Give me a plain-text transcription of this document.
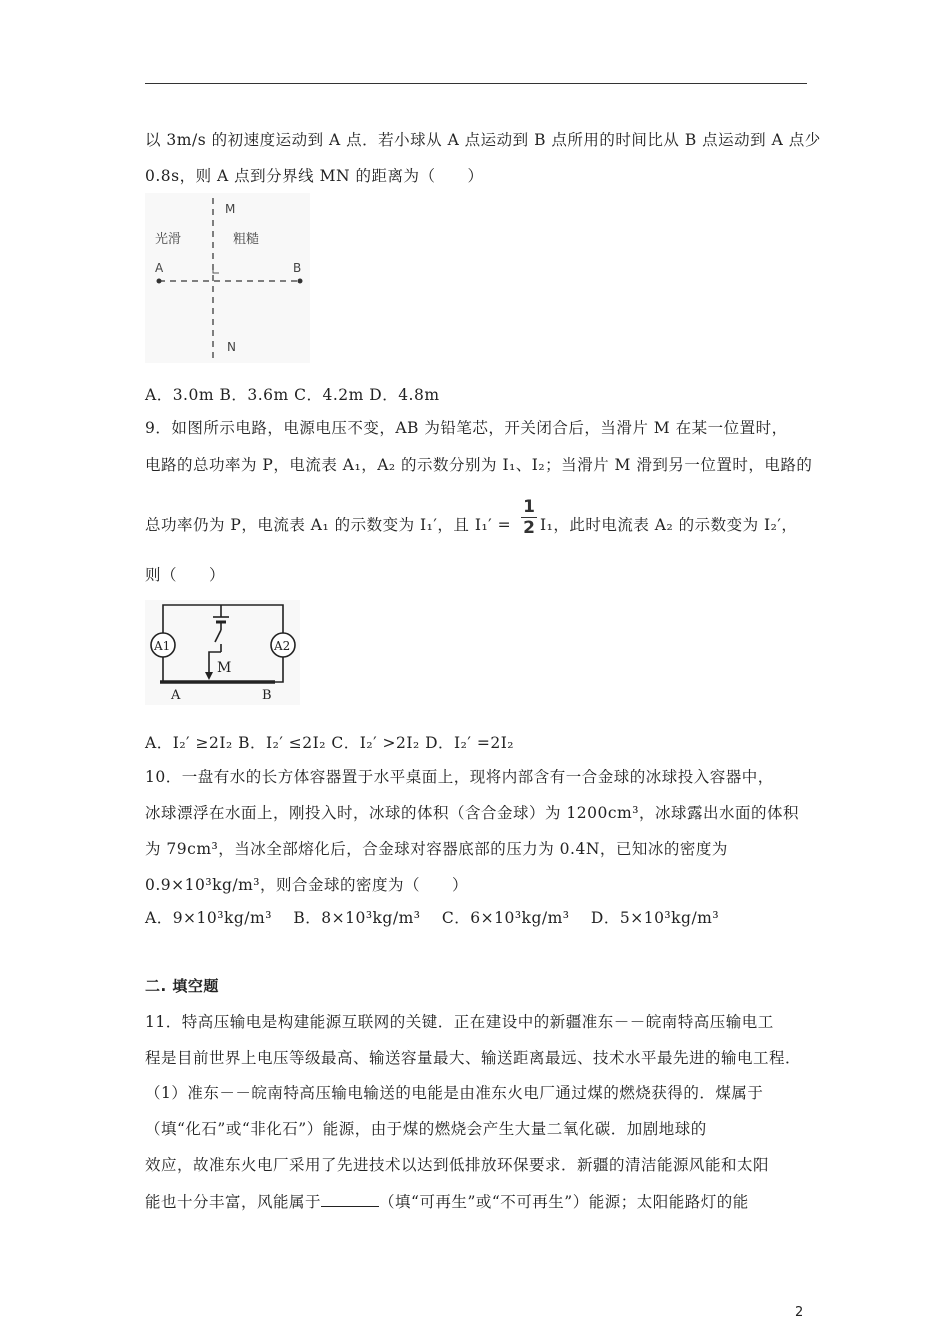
以 3m/s 的初速度运动到 A 点．若小球从 A 点运动到 B 点所用的时间比从 B 点运动到 A 点少
0.8s，则 A 点到分界线 MN 的距离为（　　）
光滑	粗糙
A	B
M
N
A．3.0m B．3.6m C．4.2m D．4.8m
9．如图所示电路，电源电压不变，AB 为铅笔芯，开关闭合后，当滑片 M 在某一位置时，
电路的总功率为 P，电流表 A₁，A₂ 的示数分别为 I₁、I₂；当滑片 M 滑到另一位置时，电路的
总功率仍为 P，电流表 A₁ 的示数变为 I₁′，且 I₁′ =
1
2 I₁，此时电流表 A₂ 的示数变为 I₂′，
则（　　）
A1	A2
M
A	B
A．I₂′ ≥2I₂ B．I₂′ ≤2I₂ C．I₂′ >2I₂ D．I₂′ =2I₂
10．一盘有水的长方体容器置于水平桌面上，现将内部含有一合金球的冰球投入容器中，
冰球漂浮在水面上，刚投入时，冰球的体积（含合金球）为 1200cm³，冰球露出水面的体积
为 79cm³，当冰全部熔化后，合金球对容器底部的压力为 0.4N，已知冰的密度为
0.9×10³kg/m³，则合金球的密度为（　　）
A．9×10³kg/m³　 B．8×10³kg/m³　 C．6×10³kg/m³　 D．5×10³kg/m³
二. 填空题
11．特高压输电是构建能源互联网的关键．正在建设中的新疆准东－－皖南特高压输电工
程是目前世界上电压等级最高、输送容量最大、输送距离最远、技术水平最先进的输电工程．
（1）准东－－皖南特高压输电输送的电能是由准东火电厂通过煤的燃烧获得的．煤属于
（填“化石”或“非化石”）能源，由于煤的燃烧会产生大量二氧化碳．加剧地球的
效应，故准东火电厂采用了先进技术以达到低排放环保要求．新疆的清洁能源风能和太阳
能也十分丰富，风能属于	（填“可再生”或“不可再生”）能源；太阳能路灯的能
2
